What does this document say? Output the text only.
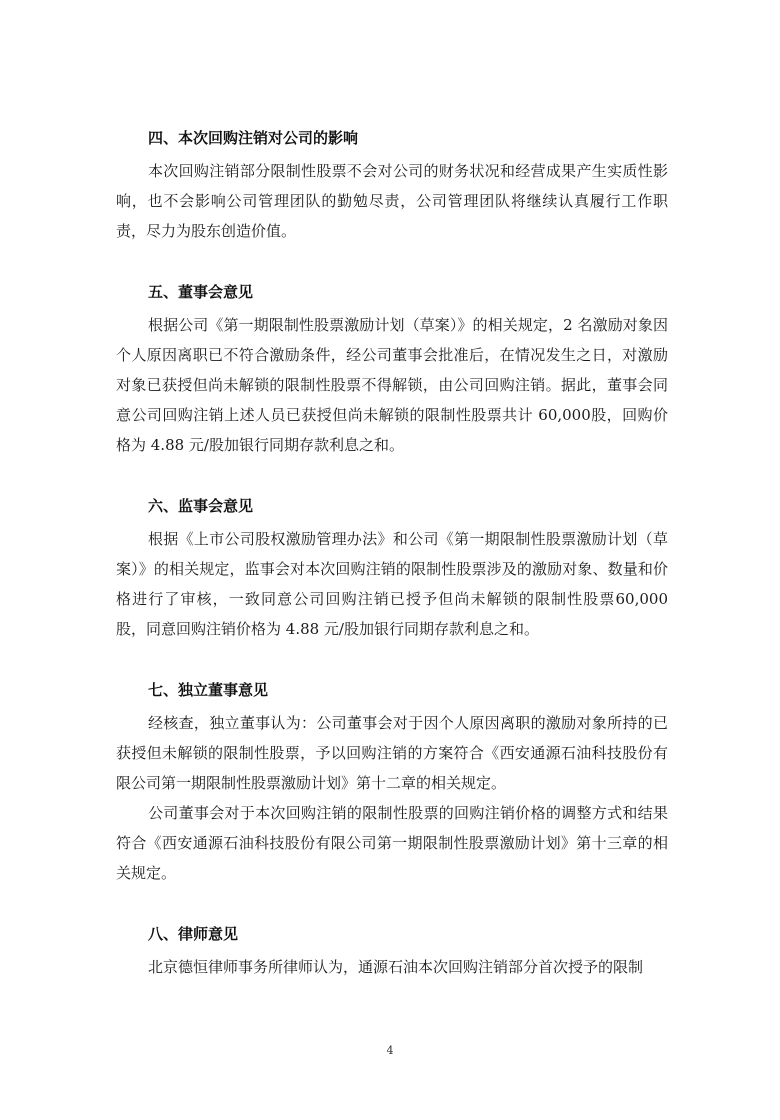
四、本次回购注销对公司的影响

本次回购注销部分限制性股票不会对公司的财务状况和经营成果产生实质性影响，也不会影响公司管理团队的勤勉尽责，公司管理团队将继续认真履行工作职责，尽力为股东创造价值。

五、董事会意见

根据公司《第一期限制性股票激励计划（草案）》的相关规定，2 名激励对象因个人原因离职已不符合激励条件，经公司董事会批准后，在情况发生之日，对激励对象已获授但尚未解锁的限制性股票不得解锁，由公司回购注销。据此，董事会同意公司回购注销上述人员已获授但尚未解锁的限制性股票共计 60,000股，回购价格为 4.88 元/股加银行同期存款利息之和。

六、监事会意见

根据《上市公司股权激励管理办法》和公司《第一期限制性股票激励计划（草案）》的相关规定，监事会对本次回购注销的限制性股票涉及的激励对象、数量和价格进行了审核，一致同意公司回购注销已授予但尚未解锁的限制性股票60,000 股，同意回购注销价格为 4.88 元/股加银行同期存款利息之和。

七、独立董事意见

经核查，独立董事认为：公司董事会对于因个人原因离职的激励对象所持的已获授但未解锁的限制性股票，予以回购注销的方案符合《西安通源石油科技股份有限公司第一期限制性股票激励计划》第十二章的相关规定。

公司董事会对于本次回购注销的限制性股票的回购注销价格的调整方式和结果符合《西安通源石油科技股份有限公司第一期限制性股票激励计划》第十三章的相关规定。

八、律师意见

北京德恒律师事务所律师认为，通源石油本次回购注销部分首次授予的限制

4
